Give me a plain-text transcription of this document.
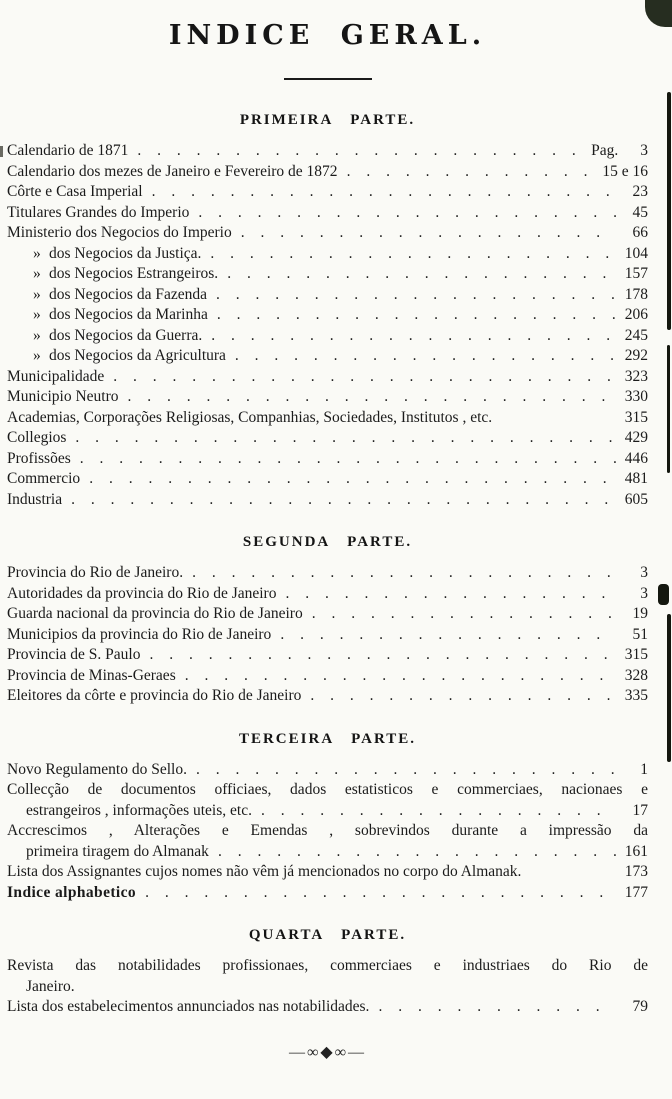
INDICE GERAL.
PRIMEIRA PARTE.
Calendario de 1871 . . .	Pag. 3
Calendario dos mezes de Janeiro e Fevereiro de 1872 . . .	15 e 16
Côrte e Casa Imperial . . .	23
Titulares Grandes do Imperio . . .	45
Ministerio dos Negocios do Imperio . . .	66
» dos Negocios da Justiça. . . .	104
» dos Negocios Estrangeiros. . . .	157
» dos Negocios da Fazenda . . .	178
» dos Negocios da Marinha . . .	206
» dos Negocios da Guerra. . . .	245
» dos Negocios da Agricultura . . .	292
Municipalidade . . .	323
Municipio Neutro . . .	330
Academias, Corporações Religiosas, Companhias, Sociedades, Institutos , etc.	315
Collegios . . .	429
Profissões . . .	446
Commercio . . .	481
Industria . . .	605
SEGUNDA PARTE.
Provincia do Rio de Janeiro. . . .	3
Autoridades da provincia do Rio de Janeiro . . .	3
Guarda nacional da provincia do Rio de Janeiro . . .	19
Municipios da provincia do Rio de Janeiro . . .	51
Provincia de S. Paulo . . .	315
Provincia de Minas-Geraes . . .	328
Eleitores da côrte e provincia do Rio de Janeiro . . .	335
TERCEIRA PARTE.
Novo Regulamento do Sello. . . .	1
Collecção de documentos officiaes, dados estatisticos e commerciaes, nacionaes e
estrangeiros , informações uteis, etc. . . .	17
Accrescimos , Alterações e Emendas , sobrevindos durante a impressão da
primeira tiragem do Almanak . . .	161
Lista dos Assignantes cujos nomes não vêm já mencionados no corpo do Almanak.	173
Indice alphabetico . . .	177
QUARTA PARTE.
Revista das notabilidades profissionaes, commerciaes e industriaes do Rio de
Janeiro.
Lista dos estabelecimentos annunciados nas notabilidades. . . .	79
—∞◆∞—
